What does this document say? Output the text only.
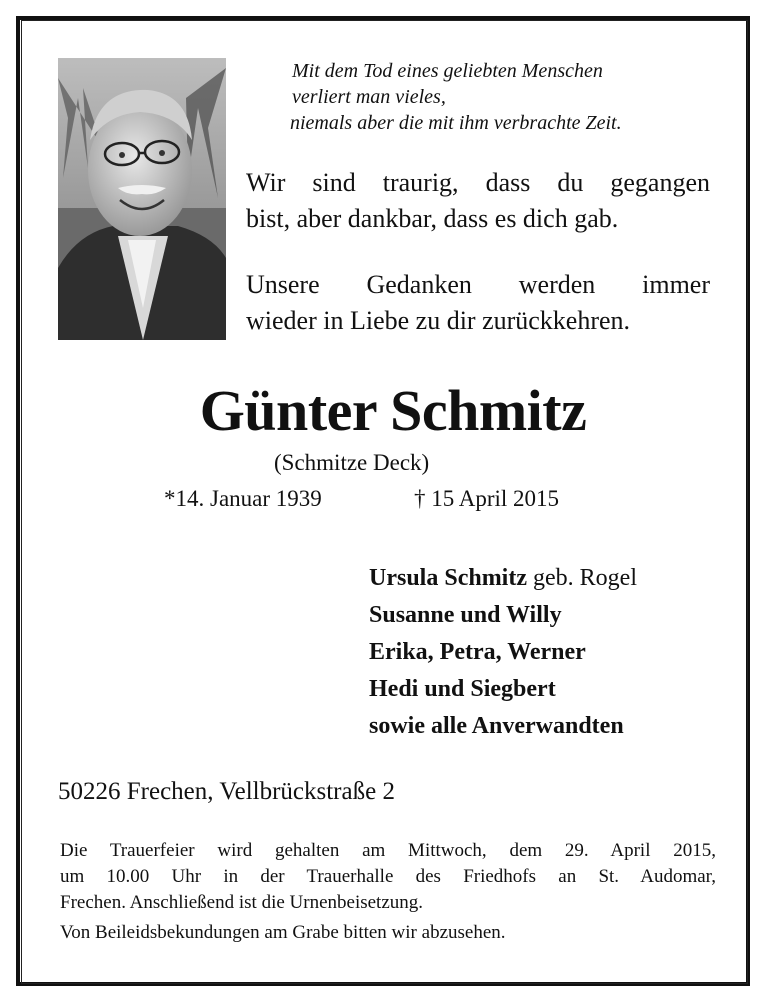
Mit dem Tod eines geliebten Menschen
verliert man vieles,
niemals aber die mit ihm verbrachte Zeit.
Wir sind traurig, dass du gegangen
bist, aber dankbar, dass es dich gab.
Unsere Gedanken werden immer
wieder in Liebe zu dir zurückkehren.
Günter Schmitz
(Schmitze Deck)
*14. Januar 1939	† 15 April 2015
Ursula Schmitz geb. Rogel
Susanne und Willy
Erika, Petra, Werner
Hedi und Siegbert
sowie alle Anverwandten
50226 Frechen, Vellbrückstraße 2
Die Trauerfeier wird gehalten am Mittwoch, dem 29. April 2015,
um 10.00 Uhr in der Trauerhalle des Friedhofs an St. Audomar,
Frechen. Anschließend ist die Urnenbeisetzung.
Von Beileidsbekundungen am Grabe bitten wir abzusehen.
